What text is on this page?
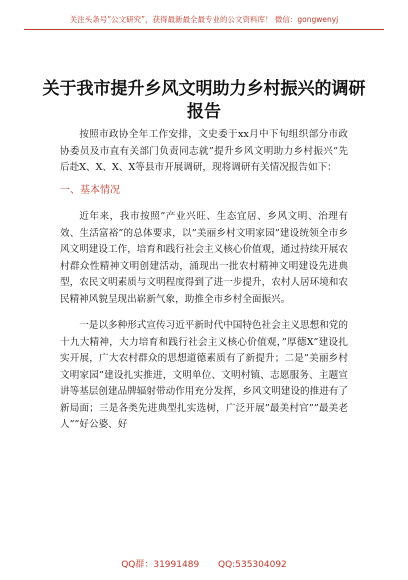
关注头条号“公文研究”，获得最新最全最专业的公文资料库！ 微信：gongwenyj
关于我市提升乡风文明助力乡村振兴的调研报告

按照市政协全年工作安排，文史委于xx月中下旬组织部分市政协委员及市直有关部门负责同志就”提升乡风文明助力乡村振兴”先后赴X、X、X、X等县市开展调研，现将调研有关情况报告如下：

一、基本情况

近年来，我市按照”产业兴旺、生态宜居、乡风文明、治理有效、生活富裕”的总体要求，以”美丽乡村文明家园”建设统领全市乡风文明建设工作，培育和践行社会主义核心价值观，通过持续开展农村群众性精神文明创建活动，涌现出一批农村精神文明建设先进典型，农民文明素质与文明程度得到了进一步提升，农村人居环境和农民精神风貌呈现出崭新气象，助推全市乡村全面振兴。

一是以多种形式宣传习近平新时代中国特色社会主义思想和党的十九大精神，大力培育和践行社会主义核心价值观，”厚德X”建设扎实开展，广大农村群众的思想道德素质有了新提升；二是”美丽乡村文明家园”建设扎实推进，文明单位、文明村镇、志愿服务、主题宣讲等基层创建品牌辐射带动作用充分发挥，乡风文明建设的推进有了新局面；三是各类先进典型扎实选树，广泛开展”最美村官””最美老人””好公婆、好

QQ群：31991489 QQ:535304092
